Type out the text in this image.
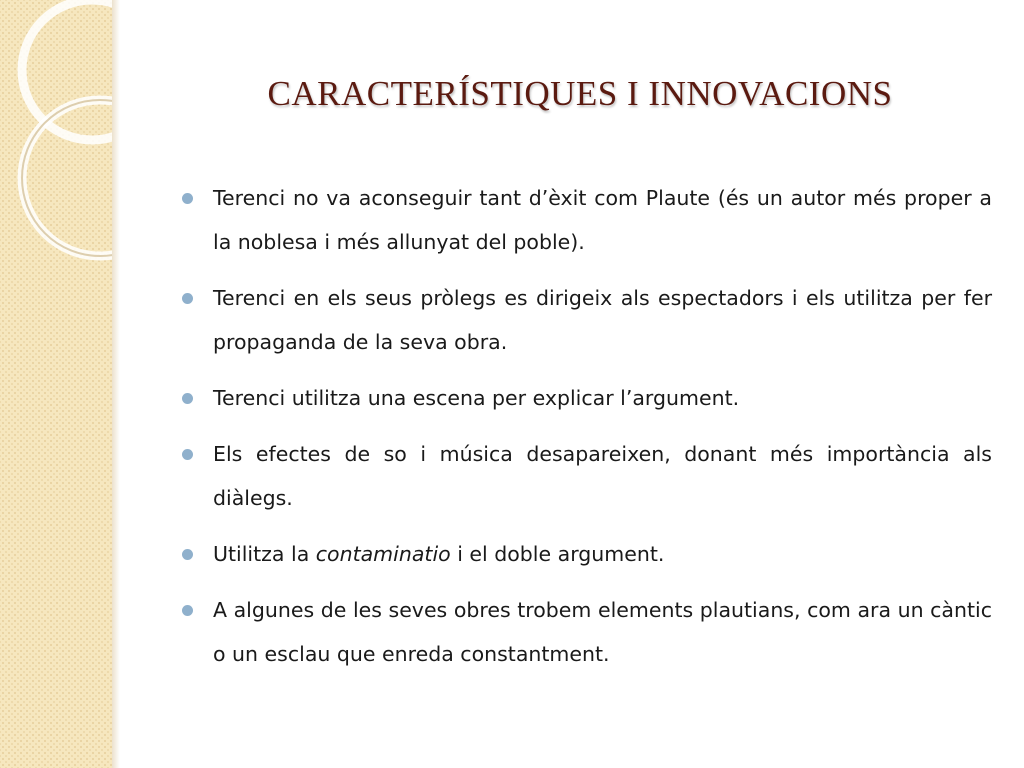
CARACTERÍSTIQUES I INNOVACIONS
Terenci no va aconseguir tant d’èxit com Plaute (és un autor més proper a la noblesa i més allunyat del poble).
Terenci en els seus pròlegs es dirigeix als espectadors i els utilitza per fer propaganda de la seva obra.
Terenci utilitza una escena per explicar l’argument.
Els efectes de so i música desapareixen, donant més importància als diàlegs.
Utilitza la contaminatio i el doble argument.
A algunes de les seves obres trobem elements plautians, com ara un càntic o un esclau que enreda constantment.
